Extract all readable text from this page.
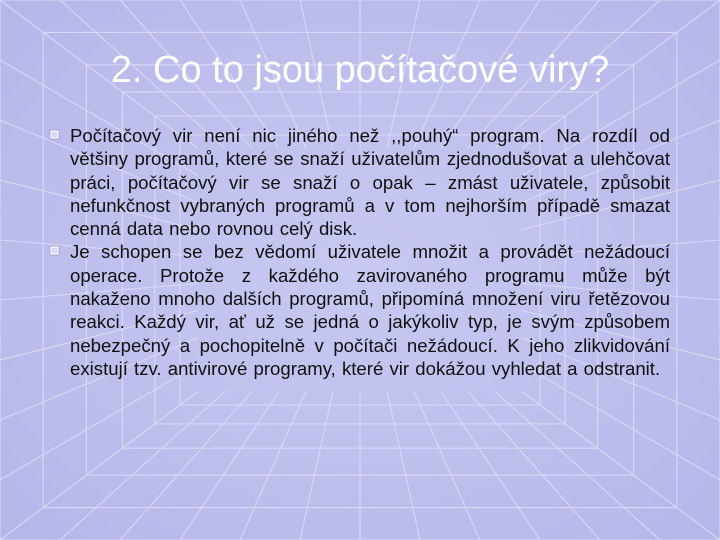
2. Co to jsou počítačové viry?
Počítačový vir není nic jiného než ,,pouhý“ program. Na rozdíl od většiny programů, které se snaží uživatelům zjednodušovat a ulehčovat práci, počítačový vir se snaží o opak – zmást uživatele, způsobit nefunkčnost vybraných programů a v tom nejhorším případě smazat cenná data nebo rovnou celý disk.
Je schopen se bez vědomí uživatele množit a provádět nežádoucí operace. Protože z každého zavirovaného programu může být nakaženo mnoho dalších programů, připomíná množení viru řetězovou reakci. Každý vir, ať už se jedná o jakýkoliv typ, je svým způsobem nebezpečný a pochopitelně v počítači nežádoucí. K jeho zlikvidování existují tzv. antivirové programy, které vir dokážou vyhledat a odstranit.
